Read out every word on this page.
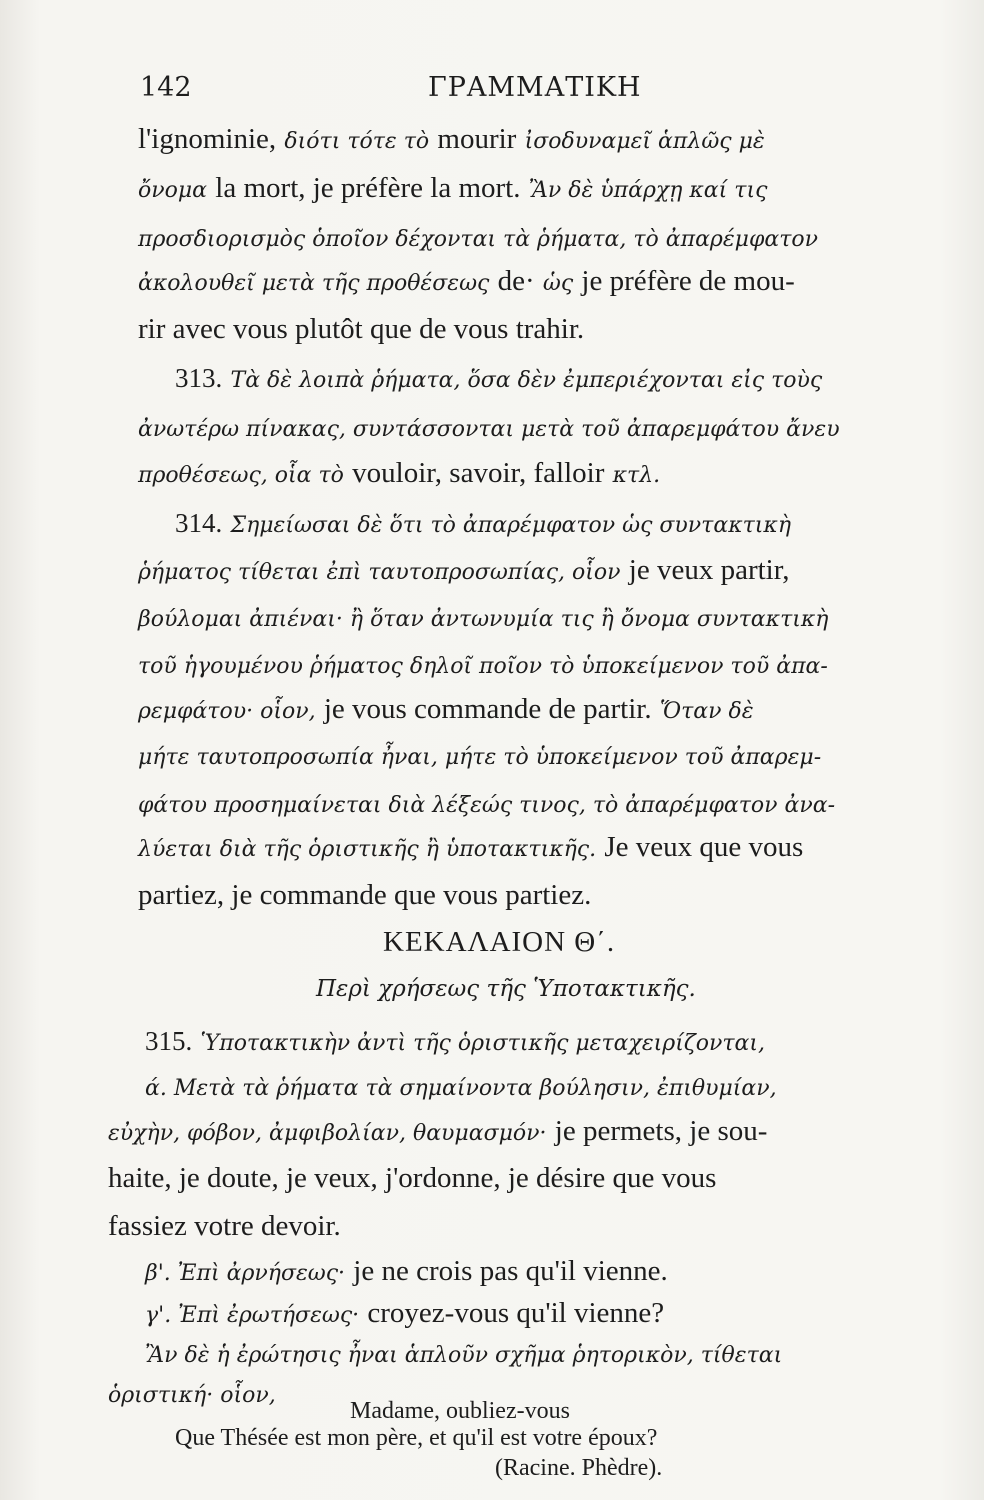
142	ΓΡΑΜΜΑΤΙΚΗ
l'ignominie, διότι τότε τὸ mourir ἰσοδυναμεῖ ἁπλῶς μὲ
ὄνομα la mort, je préfère la mort. Ἂν δὲ ὑπάρχῃ καί τις
προσδιορισμὸς ὁποῖον δέχονται τὰ ῥήματα, τὸ ἀπαρέμφατον
ἀκολουθεῖ μετὰ τῆς προθέσεως de· ὡς je préfère de mou-
rir avec vous plutôt que de vous trahir.
313. Τὰ δὲ λοιπὰ ῥήματα, ὅσα δὲν ἐμπεριέχονται εἰς τοὺς
ἀνωτέρω πίνακας, συντάσσονται μετὰ τοῦ ἀπαρεμφάτου ἄνευ
προθέσεως, οἷα τὸ vouloir, savoir, falloir κτλ.
314. Σημείωσαι δὲ ὅτι τὸ ἀπαρέμφατον ὡς συντακτικὴ
ῥήματος τίθεται ἐπὶ ταυτοπροσωπίας, οἷον je veux partir,
βούλομαι ἀπιέναι· ἢ ὅταν ἀντωνυμία τις ἢ ὄνομα συντακτικὴ
τοῦ ἡγουμένου ῥήματος δηλοῖ ποῖον τὸ ὑποκείμενον τοῦ ἀπα-
ρεμφάτου· οἷον, je vous commande de partir. Ὅταν δὲ
μήτε ταυτοπροσωπία ἦναι, μήτε τὸ ὑποκείμενον τοῦ ἀπαρεμ-
φάτου προσημαίνεται διὰ λέξεώς τινος, τὸ ἀπαρέμφατον ἀνα-
λύεται διὰ τῆς ὁριστικῆς ἢ ὑποτακτικῆς. Je veux que vous
partiez, je commande que vous partiez.
ΚΕΚΑΛΑΙΟΝ Θ΄.
Περὶ χρήσεως τῆς Ὑποτακτικῆς.
315. Ὑποτακτικὴν ἀντὶ τῆς ὁριστικῆς μεταχειρίζονται,
ά. Μετὰ τὰ ῥήματα τὰ σημαίνοντα βούλησιν, ἐπιθυμίαν,
εὐχὴν, φόβον, ἀμφιβολίαν, θαυμασμόν· je permets, je sou-
haite, je doute, je veux, j'ordonne, je désire que vous
fassiez votre devoir.
β'. Ἐπὶ ἀρνήσεως· je ne crois pas qu'il vienne.
γ'. Ἐπὶ ἐρωτήσεως· croyez-vous qu'il vienne?
Ἂν δὲ ἡ ἐρώτησις ἦναι ἁπλοῦν σχῆμα ῥητορικὸν, τίθεται
ὁριστική· οἷον,
Madame, oubliez-vous
Que Thésée est mon père, et qu'il est votre époux?
(Racine. Phèdre).
